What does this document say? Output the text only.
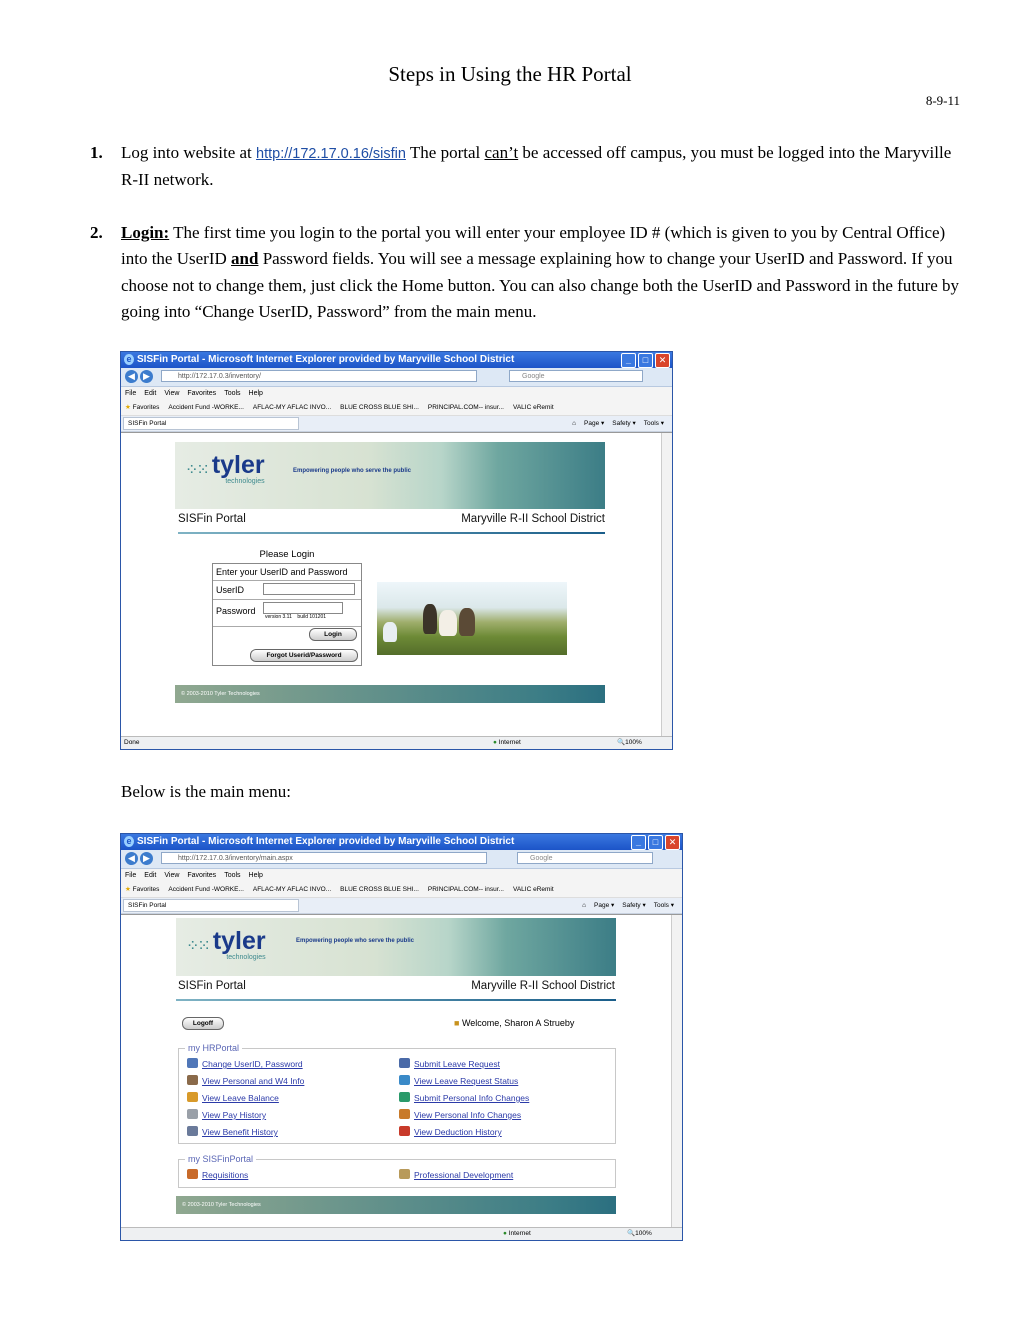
Steps in Using the HR Portal
8-9-11
1. Log into website at http://172.17.0.16/sisfin The portal can’t be accessed off campus, you must be logged into the Maryville R-II network.
2. Login: The first time you login to the portal you will enter your employee ID # (which is given to you by Central Office) into the UserID and Password fields. You will see a message explaining how to change your UserID and Password. If you choose not to change them, just click the Home button. You can also change both the UserID and Password in the future by going into “Change UserID, Password” from the main menu.
e SISFin Portal - Microsoft Internet Explorer provided by Maryville School District	_	□	✕
◀ ▶	http://172.17.0.3/inventory/	Google
File Edit View Favorites Tools Help
★ Favorites Accident Fund -WORKE... AFLAC-MY AFLAC INVO... BLUE CROSS BLUE SHI... PRINCIPAL.COM-- insur... VALIC eRemit
SISFin Portal	⌂ Page ▾ Safety ▾ Tools ▾
⁘⁙ tyler
technologies
Empowering people who serve the public
SISFin Portal	Maryville R-II School District
Please Login
Enter your UserID and Password
UserID
Password
version 3.11    build 101201
Login
Forgot Userid/Password
© 2003-2010 Tyler Technologies
Done	● Internet	🔍100%
Below is the main menu:
e SISFin Portal - Microsoft Internet Explorer provided by Maryville School District	_	□	✕
◀ ▶	http://172.17.0.3/inventory/main.aspx	Google
File Edit View Favorites Tools Help
★ Favorites Accident Fund -WORKE... AFLAC-MY AFLAC INVO... BLUE CROSS BLUE SHI... PRINCIPAL.COM-- insur... VALIC eRemit
SISFin Portal	⌂ Page ▾ Safety ▾ Tools ▾
⁘⁙ tyler
technologies
Empowering people who serve the public
SISFin Portal	Maryville R-II School District
Logoff	■ Welcome, Sharon A Strueby
my HRPortal
Change UserID, Password
View Personal and W4 Info
View Leave Balance
View Pay History
View Benefit History
Submit Leave Request
View Leave Request Status
Submit Personal Info Changes
View Personal Info Changes
View Deduction History
my SISFinPortal
Requisitions	Professional Development
© 2003-2010 Tyler Technologies
● Internet	🔍100%
